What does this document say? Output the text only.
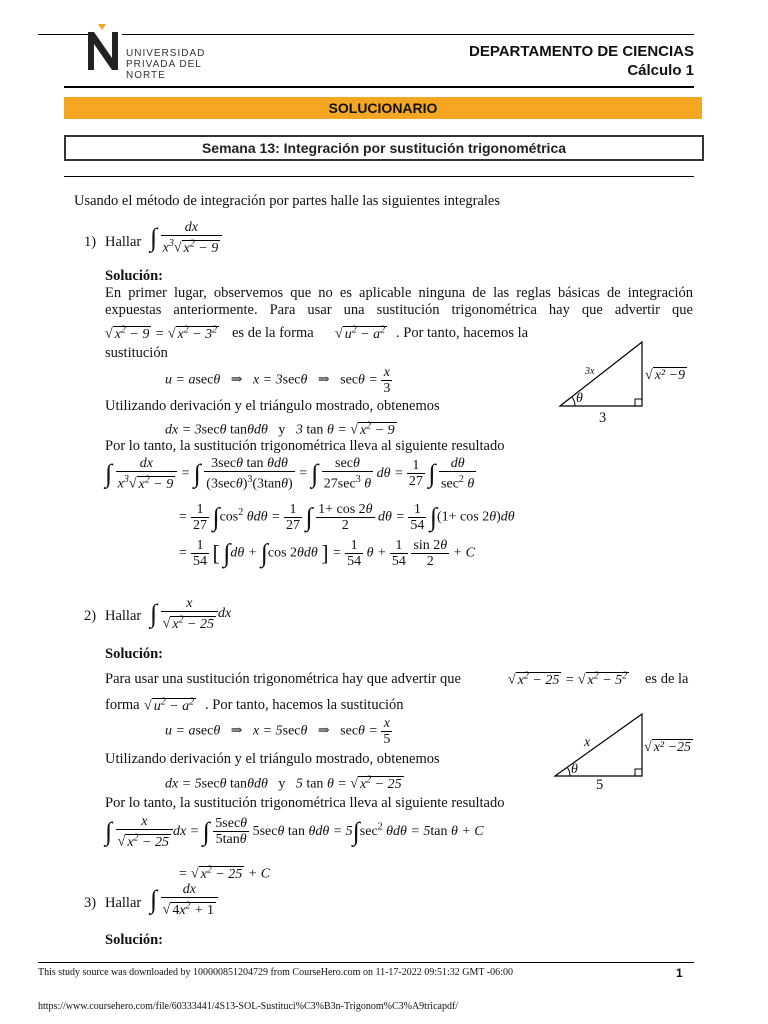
UNIVERSIDAD
PRIVADA DEL NORTE
DEPARTAMENTO DE CIENCIAS
Cálculo 1
SOLUCIONARIO
Semana 13: Integración por sustitución trigonométrica
Usando el método de integración por partes halle las siguientes integrales
1) Hallar ∫ $\frac{dx}{x^3√ x^2 - 9}$
Solución:
En primer lugar, observemos que no es aplicable ninguna de las reglas básicas de integración
expuestas anteriormente. Para usar una sustitución trigonométrica hay que advertir que
√ $x^2 - 9$ = √ $x^2 - 3^2$ es de la forma √ $u^2 - a^2$ . Por tanto, hacemos la
sustitución
u = asecθ   ⇒   x = 3secθ   ⇒ $\sec\theta = \frac{x}{3}$	3x
θ
3
√ x² −9
Utilizando derivación y el triángulo mostrado, obtenemos
dx = 3secθ tanθdθ   y   3 tan θ = √ $x^2 - 9$
Por lo tanto, la sustitución trigonométrica lleva al siguiente resultado
∫ $\frac{dx}{x^3√ x^2 - 9}$ = ∫ $\frac{\text{3secθ tan θdθ}}{(3\sec\theta)^3(3\tan\theta)}$ = ∫ $\frac{\sec\theta}{27\sec^3 \theta}$ $d\theta = \frac{1}{27}$ ∫ $\frac{d\theta}{\sec^2 \theta}$
= $\frac{1}{27} \int\cos^2$ $\theta d\theta = \frac{1}{27}$ ∫ $\frac{1+ \cos 2\theta}{2}$ $d\theta = \frac{1}{54} \int(1+ \cos 2\theta)d\theta$
= $\frac{1}{54}$ [ ∫dθ + ∫cos 2θdθ ] = $\frac{1}{54}$ $\theta + \frac{1}{54}$
$\frac{\sin 2\theta}{2} + C$
2) Hallar ∫ $\frac{x}{√ x^2 - 25}$ dx
Solución:
Para usar una sustitución trigonométrica hay que advertir que	√ $x^2 - 25$ = √ $x^2 - 5^2$ es de la
forma √ $u^2 - a^2$ . Por tanto, hacemos la sustitución
u = asecθ   ⇒   x = 5secθ   ⇒ $\sec\theta = \frac{x}{5}$	x
θ
5
√ x² −25
Utilizando derivación y el triángulo mostrado, obtenemos
dx = 5secθ tanθdθ   y   5 tan θ = √ $x^2 - 25$
Por lo tanto, la sustitución trigonométrica lleva al siguiente resultado
∫ $\frac{x}{√ x^2 - 25}$ dx = ∫ $\frac{5\sec\theta}{5\tan\theta} 5\sec\theta$ $\tan \theta d\theta = 5\int\sec^2$ θdθ = 5tan θ + C
= √ $x^2 - 25 + C$
3) Hallar ∫ $\frac{dx}{√ 4x^2 + 1}$
Solución:
This study source was downloaded by 100000851204729 from CourseHero.com on 11-17-2022 09:51:32 GMT -06:00	1
https://www.coursehero.com/file/60333441/4S13-SOL-Sustituci%C3%B3n-Trigonom%C3%A9tricapdf/
